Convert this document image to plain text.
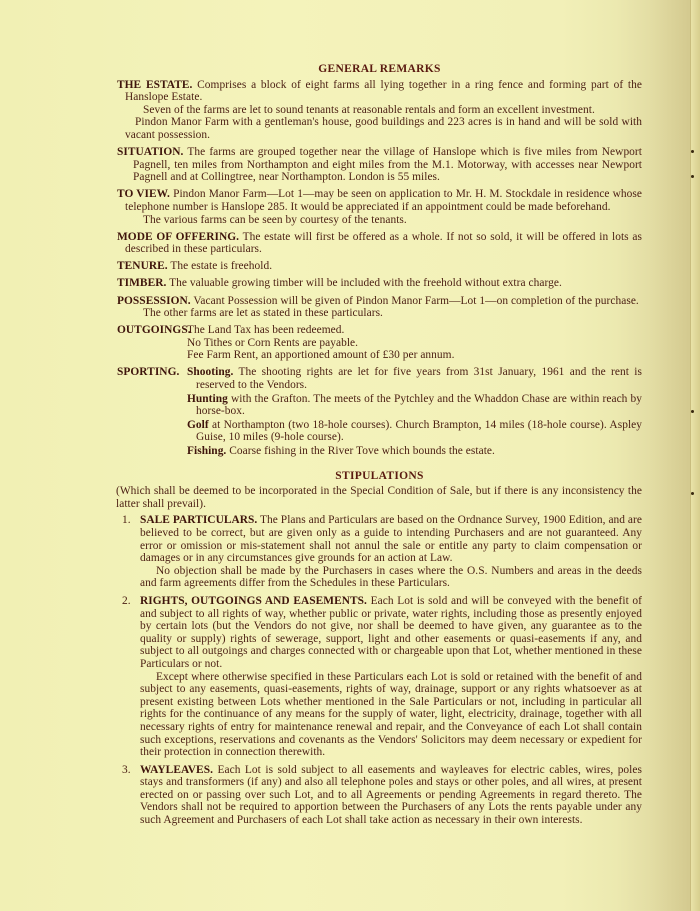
GENERAL REMARKS
THE ESTATE. Comprises a block of eight farms all lying together in a ring fence and forming part of the Hanslope Estate.
Seven of the farms are let to sound tenants at reasonable rentals and form an excellent investment.
Pindon Manor Farm with a gentleman's house, good buildings and 223 acres is in hand and will be sold with vacant possession.
SITUATION. The farms are grouped together near the village of Hanslope which is five miles from Newport Pagnell, ten miles from Northampton and eight miles from the M.1. Motorway, with accesses near Newport Pagnell and at Collingtree, near Northampton. London is 55 miles.
TO VIEW. Pindon Manor Farm—Lot 1—may be seen on application to Mr. H. M. Stockdale in residence whose telephone number is Hanslope 285. It would be appreciated if an appointment could be made beforehand.
The various farms can be seen by courtesy of the tenants.
MODE OF OFFERING. The estate will first be offered as a whole. If not so sold, it will be offered in lots as described in these particulars.
TENURE. The estate is freehold.
TIMBER. The valuable growing timber will be included with the freehold without extra charge.
POSSESSION. Vacant Possession will be given of Pindon Manor Farm—Lot 1—on completion of the purchase.
The other farms are let as stated in these particulars.
OUTGOINGS.
The Land Tax has been redeemed.
No Tithes or Corn Rents are payable.
Fee Farm Rent, an apportioned amount of £30 per annum.
SPORTING. Shooting. The shooting rights are let for five years from 31st January, 1961 and the rent is reserved to the Vendors.
Hunting with the Grafton. The meets of the Pytchley and the Whaddon Chase are within reach by horse-box.
Golf at Northampton (two 18-hole courses). Church Brampton, 14 miles (18-hole course). Aspley Guise, 10 miles (9-hole course).
Fishing. Coarse fishing in the River Tove which bounds the estate.
STIPULATIONS
(Which shall be deemed to be incorporated in the Special Condition of Sale, but if there is any inconsistency the latter shall prevail).
1. SALE PARTICULARS. The Plans and Particulars are based on the Ordnance Survey, 1900 Edition, and are believed to be correct, but are given only as a guide to intending Purchasers and are not guaranteed. Any error or omission or mis-statement shall not annul the sale or entitle any party to claim compensation or damages or in any circumstances give grounds for an action at Law.
No objection shall be made by the Purchasers in cases where the O.S. Numbers and areas in the deeds and farm agreements differ from the Schedules in these Particulars.
2. RIGHTS, OUTGOINGS AND EASEMENTS. Each Lot is sold and will be conveyed with the benefit of and subject to all rights of way, whether public or private, water rights, including those as presently enjoyed by certain lots (but the Vendors do not give, nor shall be deemed to have given, any guarantee as to the quality or supply) rights of sewerage, support, light and other easements or quasi-easements if any, and subject to all outgoings and charges connected with or chargeable upon that Lot, whether mentioned in these Particulars or not.
Except where otherwise specified in these Particulars each Lot is sold or retained with the benefit of and subject to any easements, quasi-easements, rights of way, drainage, support or any rights whatsoever as at present existing between Lots whether mentioned in the Sale Particulars or not, including in particular all rights for the continuance of any means for the supply of water, light, electricity, drainage, together with all necessary rights of entry for maintenance renewal and repair, and the Conveyance of each Lot shall contain such exceptions, reservations and covenants as the Vendors' Solicitors may deem necessary or expedient for their protection in connection therewith.
3. WAYLEAVES. Each Lot is sold subject to all easements and wayleaves for electric cables, wires, poles stays and transformers (if any) and also all telephone poles and stays or other poles, and all wires, at present erected on or passing over such Lot, and to all Agreements or pending Agreements in regard thereto. The Vendors shall not be required to apportion between the Purchasers of any Lots the rents payable under any such Agreement and Purchasers of each Lot shall take action as necessary in their own interests.
